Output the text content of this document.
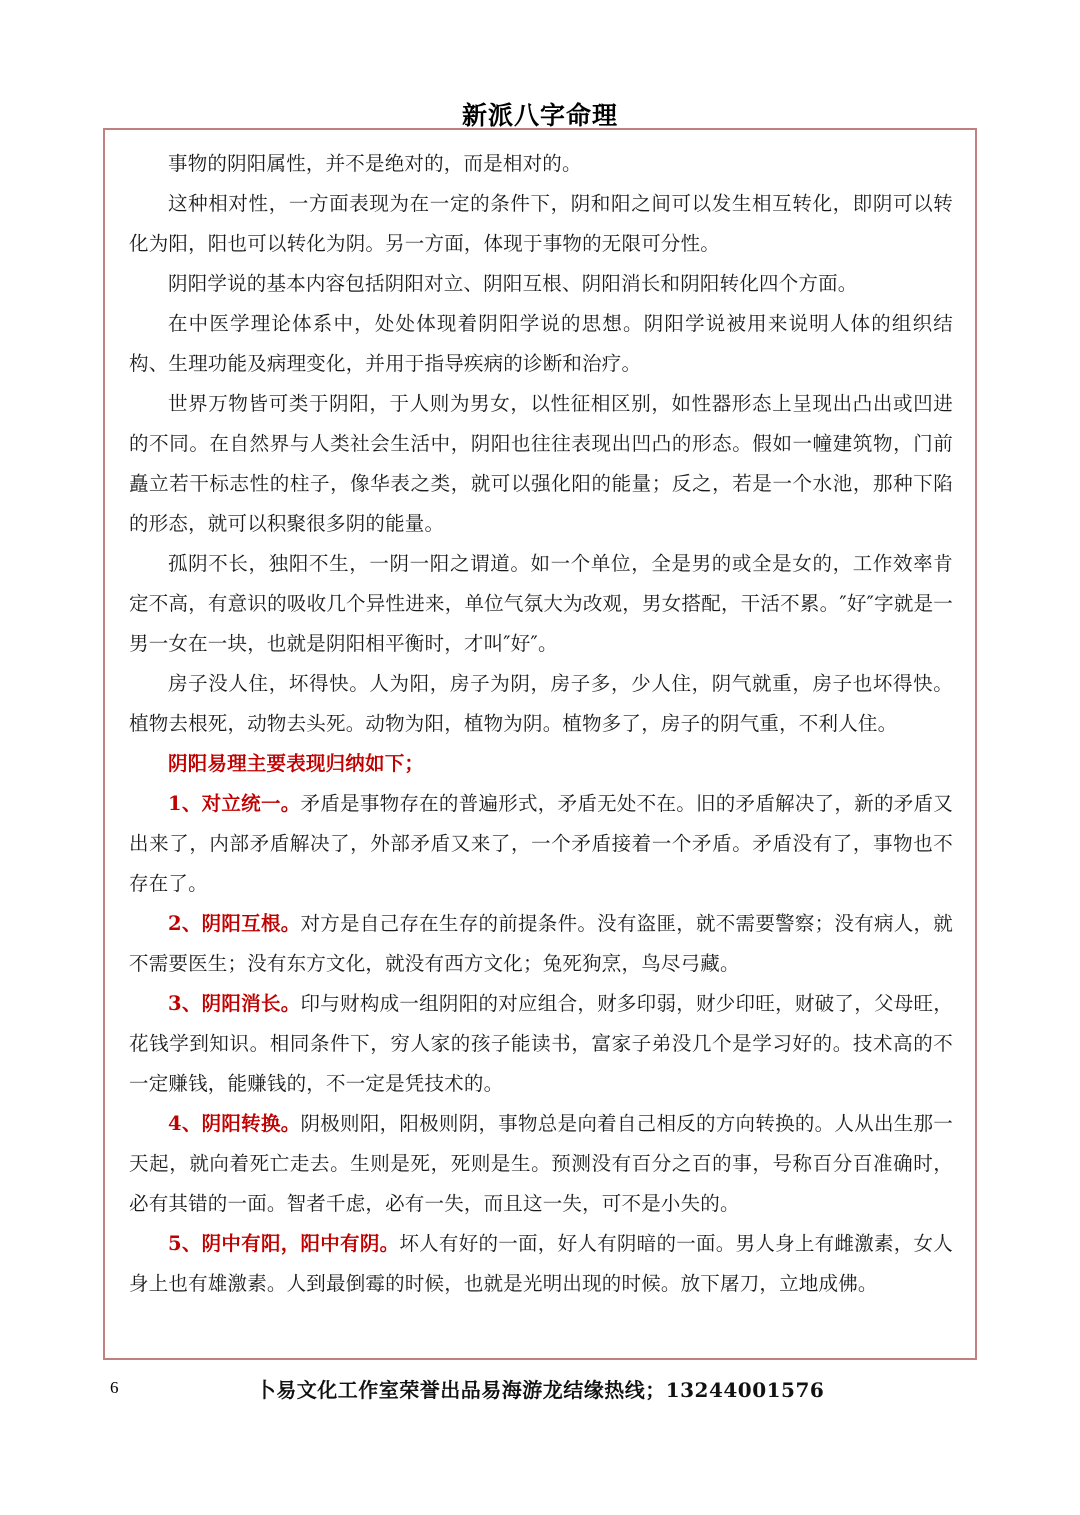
新派八字命理

事物的阴阳属性，并不是绝对的，而是相对的。

这种相对性，一方面表现为在一定的条件下，阴和阳之间可以发生相互转化，即阴可以转化为阳，阳也可以转化为阴。另一方面，体现于事物的无限可分性。

阴阳学说的基本内容包括阴阳对立、阴阳互根、阴阳消长和阴阳转化四个方面。

在中医学理论体系中，处处体现着阴阳学说的思想。阴阳学说被用来说明人体的组织结构、生理功能及病理变化，并用于指导疾病的诊断和治疗。

世界万物皆可类于阴阳，于人则为男女，以性征相区别，如性器形态上呈现出凸出或凹进的不同。在自然界与人类社会生活中，阴阳也往往表现出凹凸的形态。假如一幢建筑物，门前矗立若干标志性的柱子，像华表之类，就可以强化阳的能量；反之，若是一个水池，那种下陷的形态，就可以积聚很多阴的能量。

孤阴不长，独阳不生，一阴一阳之谓道。如一个单位，全是男的或全是女的，工作效率肯定不高，有意识的吸收几个异性进来，单位气氛大为改观，男女搭配，干活不累。″好″字就是一男一女在一块，也就是阴阳相平衡时，才叫″好″。

房子没人住，坏得快。人为阳，房子为阴，房子多，少人住，阴气就重，房子也坏得快。植物去根死，动物去头死。动物为阳，植物为阴。植物多了，房子的阴气重，不利人住。

阴阳易理主要表现归纳如下；

1、对立统一。矛盾是事物存在的普遍形式，矛盾无处不在。旧的矛盾解决了，新的矛盾又出来了，内部矛盾解决了，外部矛盾又来了，一个矛盾接着一个矛盾。矛盾没有了，事物也不存在了。

2、阴阳互根。对方是自己存在生存的前提条件。没有盗匪，就不需要警察；没有病人，就不需要医生；没有东方文化，就没有西方文化；兔死狗烹，鸟尽弓藏。

3、阴阳消长。印与财构成一组阴阳的对应组合，财多印弱，财少印旺，财破了，父母旺，花钱学到知识。相同条件下，穷人家的孩子能读书，富家子弟没几个是学习好的。技术高的不一定赚钱，能赚钱的，不一定是凭技术的。

4、阴阳转换。阴极则阳，阳极则阴，事物总是向着自己相反的方向转换的。人从出生那一天起，就向着死亡走去。生则是死，死则是生。预测没有百分之百的事，号称百分百准确时，必有其错的一面。智者千虑，必有一失，而且这一失，可不是小失的。

5、阴中有阳，阳中有阴。坏人有好的一面，好人有阴暗的一面。男人身上有雌激素，女人身上也有雄激素。人到最倒霉的时候，也就是光明出现的时候。放下屠刀，立地成佛。

6	卜易文化工作室荣誉出品易海游龙结缘热线；13244001576
